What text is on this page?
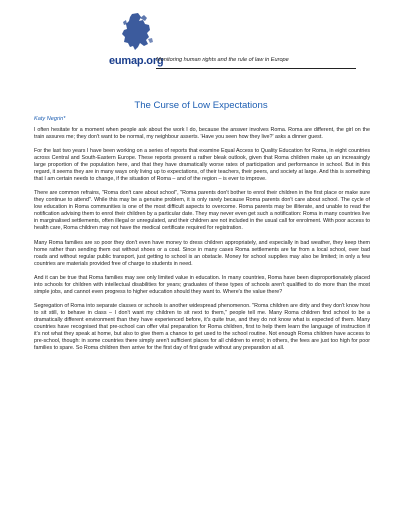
eumap.org
Monitoring human rights and the rule of law in Europe
The Curse of Low Expectations
Katy Negrin*

I often hesitate for a moment when people ask about the work I do, because the answer involves Roma. Roma are different, the girl on the train assures me; they don't want to be normal, my neighbour asserts. 'Have you seen how they live?' asks a dinner guest.

For the last two years I have been working on a series of reports that examine Equal Access to Quality Education for Roma, in eight countries across Central and South-Eastern Europe. These reports present a rather bleak outlook, given that Roma children make up an increasingly large proportion of the population here, and that they have dramatically worse rates of participation and performance in school. But in this regard, it seems they are in many ways only living up to expectations, of their teachers, their peers, and society at large. And this is something that I am certain needs to change, if the situation of Roma – and of the region – is ever to improve.

There are common refrains, "Roma don't care about school", "Roma parents don't bother to enrol their children in the first place or make sure they continue to attend". While this may be a genuine problem, it is only rarely because Roma parents don't care about school. The cycle of low education in Roma communities is one of the most difficult aspects to overcome. Roma parents may be illiterate, and unable to read the notification advising them to enrol their children by a particular date. They may never even get such a notification: Roma in many countries live in marginalised settlements, often illegal or unregulated, and their children are not included in the usual call for enrolment. With poor access to health care, Roma children may not have the medical certificate required for registration.

Many Roma families are so poor they don't even have money to dress children appropriately, and especially in bad weather, they keep them home rather than sending them out without shoes or a coat. Since in many cases Roma settlements are far from a local school, over bad roads and without regular public transport, just getting to school is an obstacle. Money for school supplies may also be limited; in only a few countries are materials provided free of charge to students in need.

And it can be true that Roma families may see only limited value in education. In many countries, Roma have been disproportionately placed into schools for children with intellectual disabilities for years; graduates of these types of schools aren't qualified to do more than the most simple jobs, and cannot even progress to higher education should they want to. Where's the value there?

Segregation of Roma into separate classes or schools is another widespread phenomenon. "Roma children are dirty and they don't know how to sit still, to behave in class – I don't want my children to sit next to them," people tell me. Many Roma children find school to be a dramatically different environment than they have experienced before, it's quite true, and they do not know what is expected of them. Many countries have recognised that pre-school can offer vital preparation for Roma children, first to help them learn the language of instruction if it's not what they speak at home, but also to give them a chance to get used to the school routine. Not enough Roma children have access to pre-school, though: in some countries there simply aren't sufficient places for all children to enrol; in others, the fees are just too high for poor families to spare. So Roma children then arrive for the first day of first grade without any preparation at all.
